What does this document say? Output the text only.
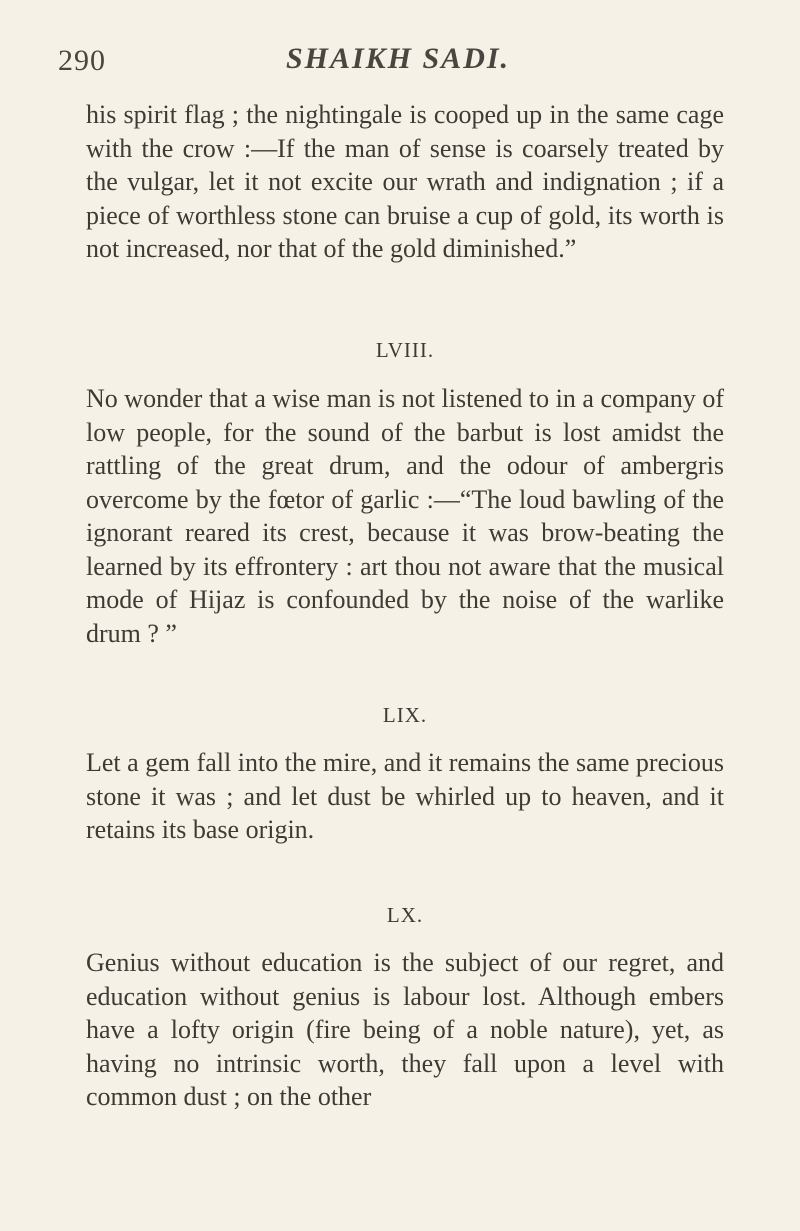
290	SHAIKH SADI.

his spirit flag ; the nightingale is cooped up in the same cage with the crow :—If the man of sense is coarsely treated by the vulgar, let it not excite our wrath and indignation ; if a piece of worthless stone can bruise a cup of gold, its worth is not increased, nor that of the gold diminished.”

LVIII.

No wonder that a wise man is not listened to in a company of low people, for the sound of the barbut is lost amidst the rattling of the great drum, and the odour of ambergris overcome by the fœtor of garlic :—“The loud bawling of the ignorant reared its crest, because it was brow-beating the learned by its effrontery : art thou not aware that the musical mode of Hijaz is confounded by the noise of the warlike drum ? ”

LIX.

Let a gem fall into the mire, and it remains the same precious stone it was ; and let dust be whirled up to heaven, and it retains its base origin.

LX.

Genius without education is the subject of our regret, and education without genius is labour lost. Although embers have a lofty origin (fire being of a noble nature), yet, as having no intrinsic worth, they fall upon a level with common dust ; on the other
